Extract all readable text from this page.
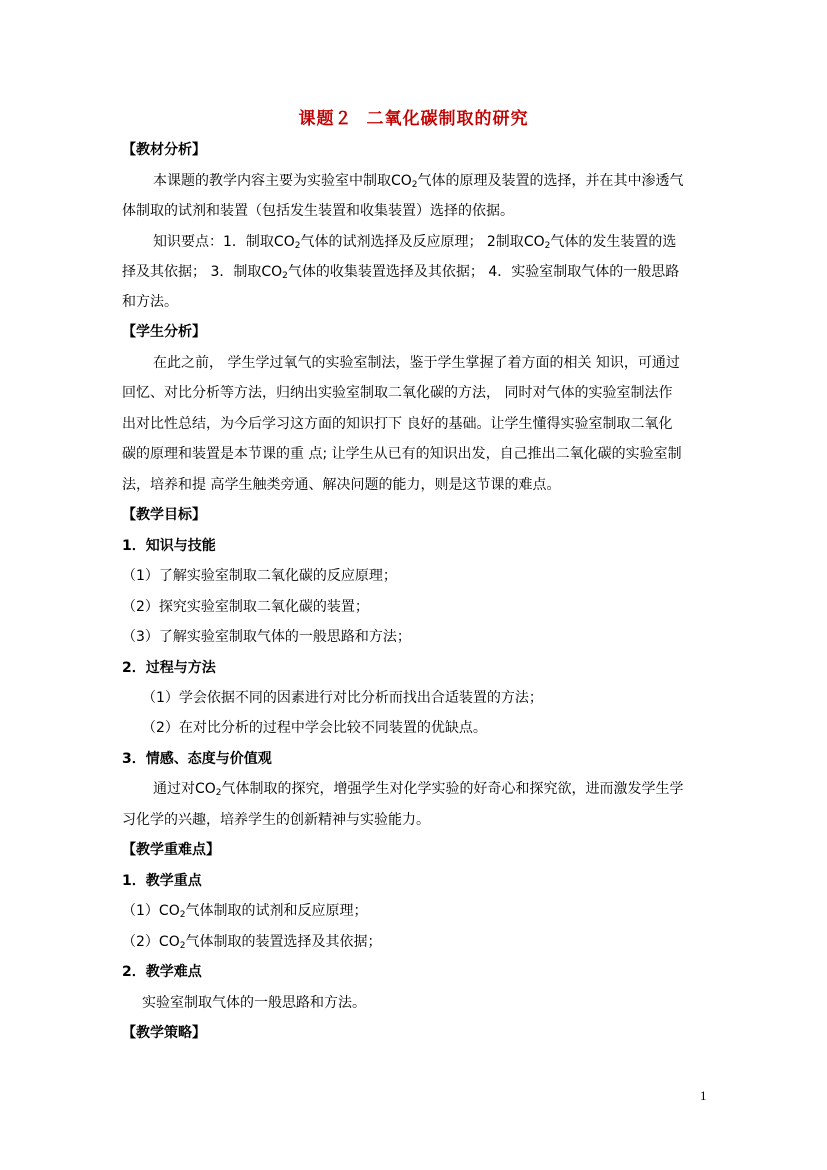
课题２ 二氧化碳制取的研究
【教材分析】
本课题的教学内容主要为实验室中制取$CO_2$气体的原理及装置的选择，并在其中渗透气
体制取的试剂和装置（包括发生装置和收集装置）选择的依据。
知识要点：1．制取$CO_2$气体的试剂选择及反应原理； 2制取$CO_2$气体的发生装置的选
择及其依据； 3．制取$CO_2$气体的收集装置选择及其依据； 4．实验室制取气体的一般思路
和方法。
【学生分析】
在此之前， 学生学过氧气的实验室制法，鉴于学生掌握了着方面的相关 知识，可通过
回忆、对比分析等方法，归纳出实验室制取二氧化碳的方法， 同时对气体的实验室制法作
出对比性总结，为今后学习这方面的知识打下 良好的基础。让学生懂得实验室制取二氧化
碳的原理和装置是本节课的重 点; 让学生从已有的知识出发，自己推出二氧化碳的实验室制
法，培养和提 高学生触类旁通、解决问题的能力，则是这节课的难点。
【教学目标】
1．知识与技能
（1）了解实验室制取二氧化碳的反应原理；
（2）探究实验室制取二氧化碳的装置；
（3）了解实验室制取气体的一般思路和方法；
2．过程与方法
（1）学会依据不同的因素进行对比分析而找出合适装置的方法；
（2）在对比分析的过程中学会比较不同装置的优缺点。
3．情感、态度与价值观
通过对$CO_2$气体制取的探究，增强学生对化学实验的好奇心和探究欲，进而激发学生学
习化学的兴趣，培养学生的创新精神与实验能力。
【教学重难点】
1．教学重点
$(1)CO_2$气体制取的试剂和反应原理；
$(2)CO_2$气体制取的装置选择及其依据；
2．教学难点
实验室制取气体的一般思路和方法。
【教学策略】
1
